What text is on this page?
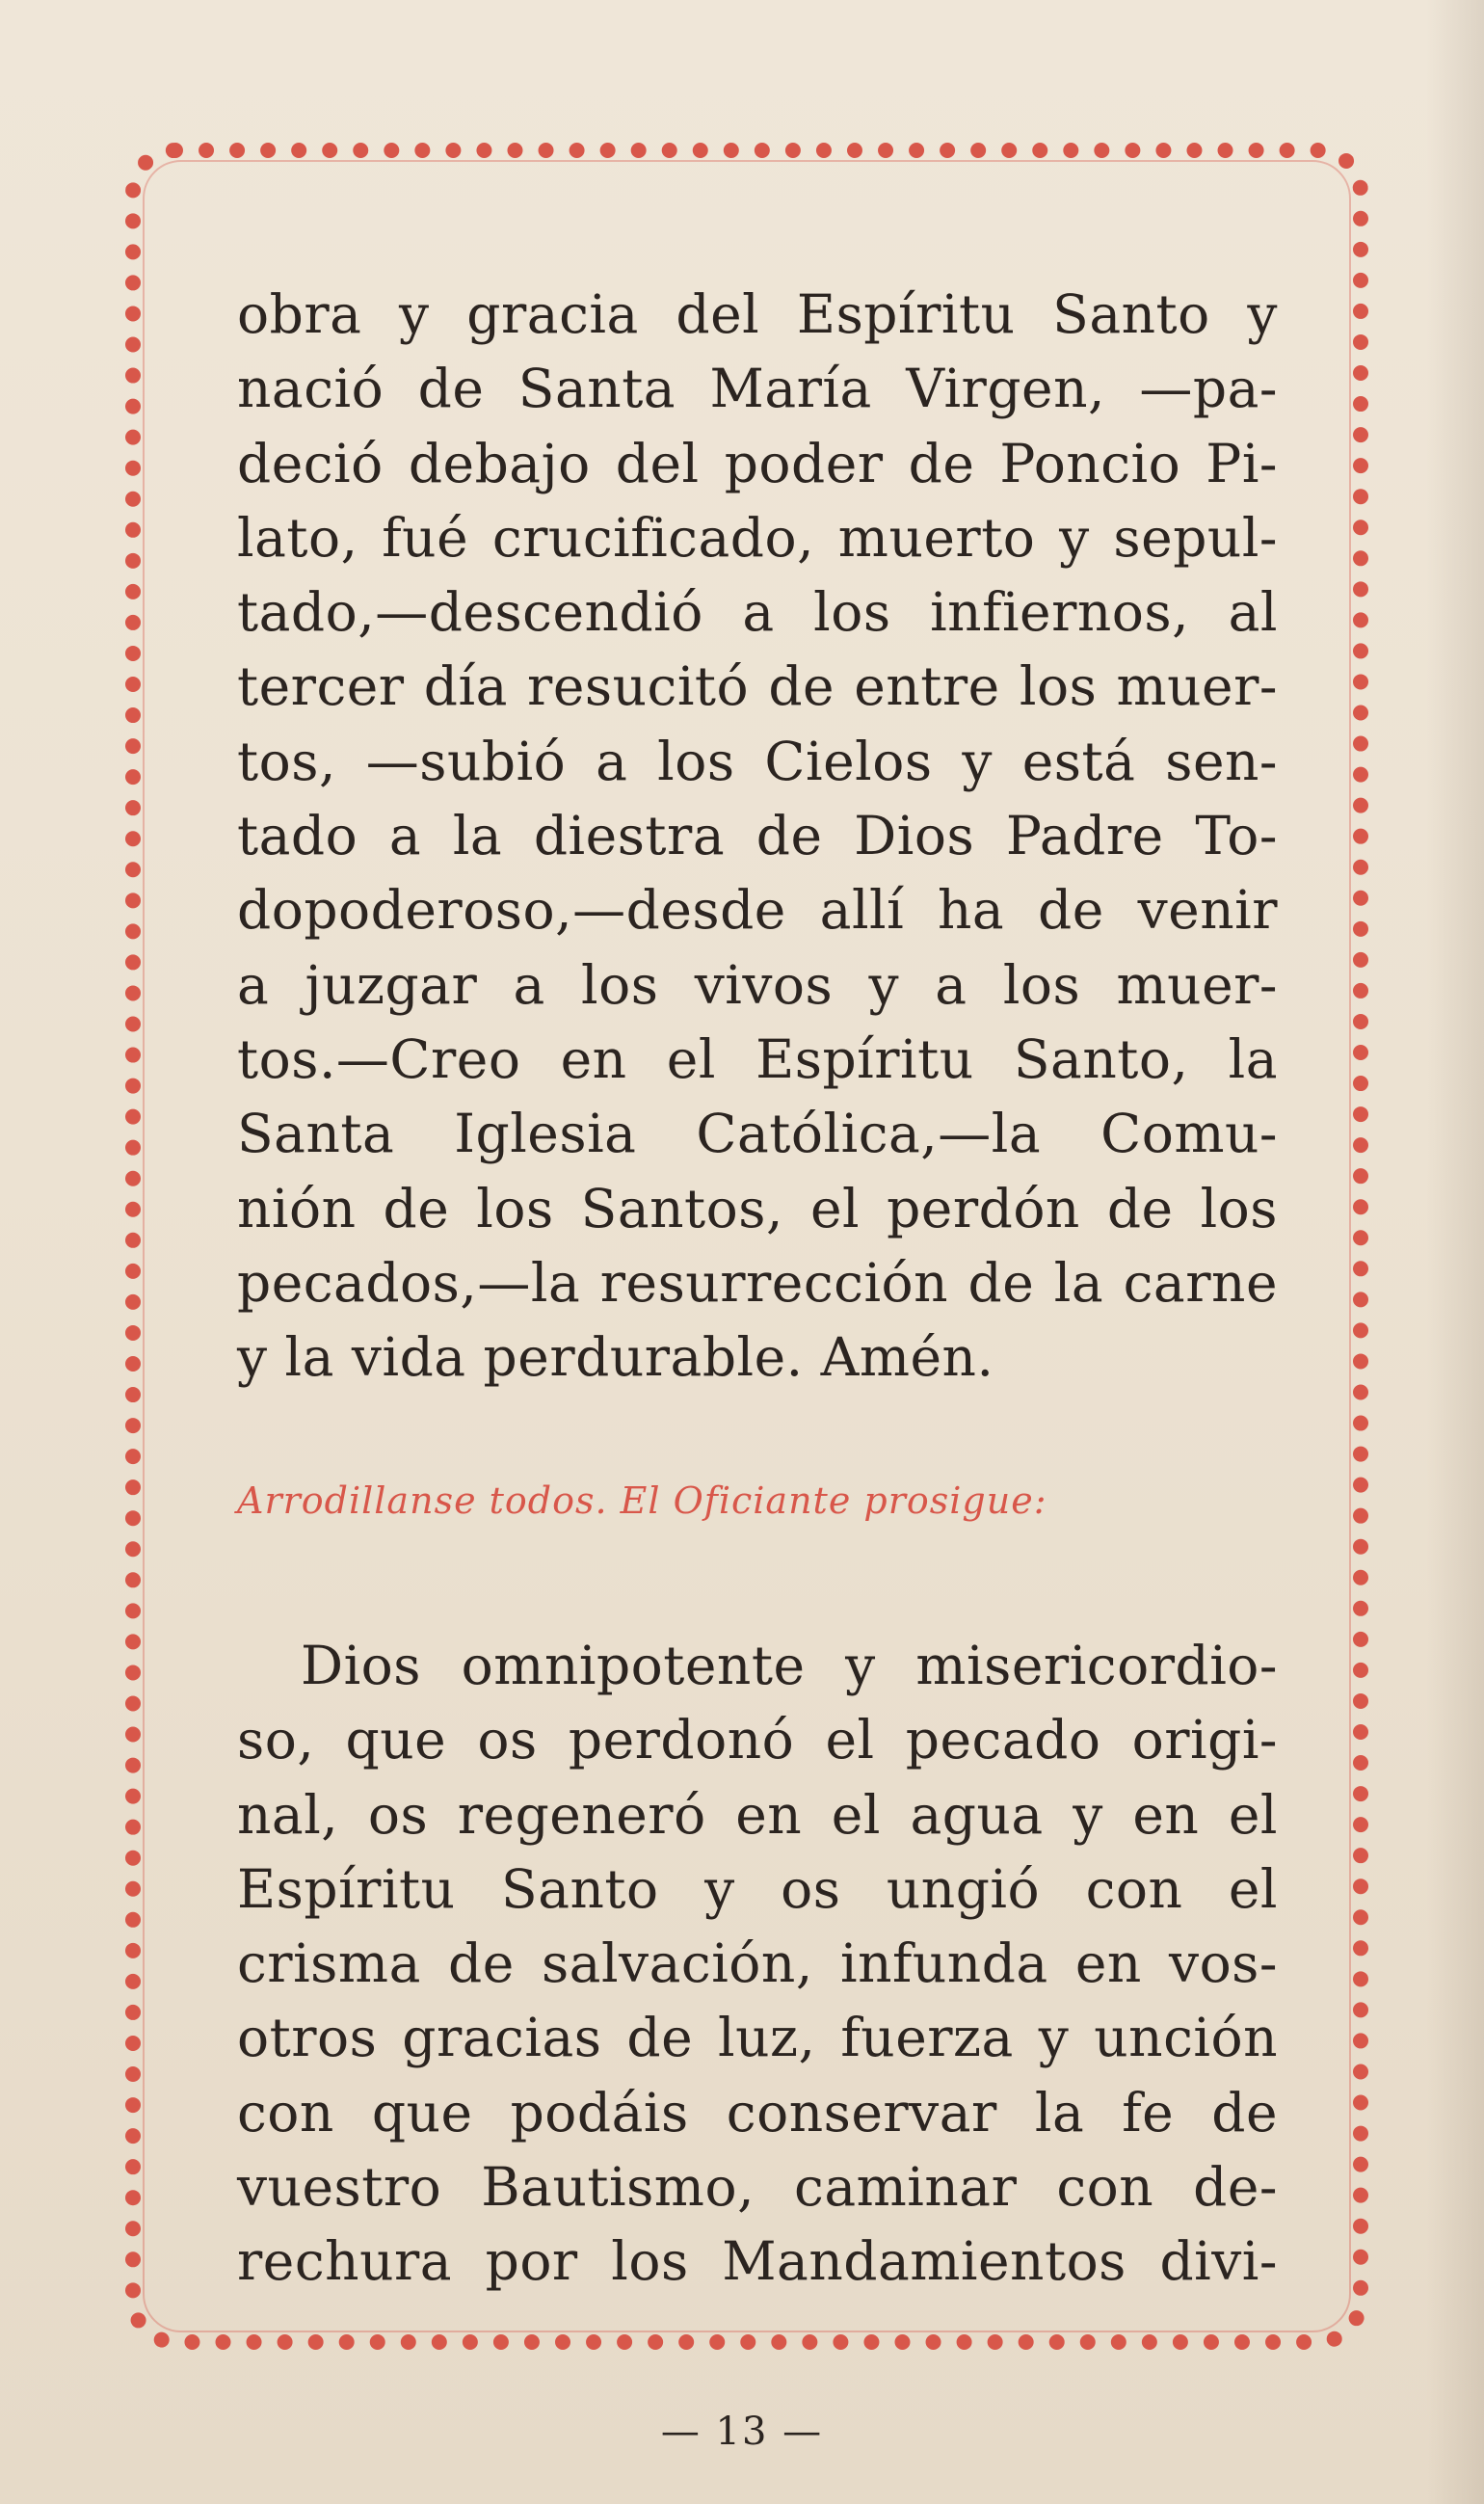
obra y gracia del Espíritu Santo y
nació de Santa María Virgen, —pa-
deció debajo del poder de Poncio Pi-
lato, fué crucificado, muerto y sepul-
tado,—descendió a los infiernos, al
tercer día resucitó de entre los muer-
tos, —subió a los Cielos y está sen-
tado a la diestra de Dios Padre To-
dopoderoso,—desde allí ha de venir
a juzgar a los vivos y a los muer-
tos.—Creo en el Espíritu Santo, la
Santa Iglesia Católica,—la Comu-
nión de los Santos, el perdón de los
pecados,—la resurrección de la carne
y la vida perdurable. Amén.
Arrodillanse todos. El Oficiante prosigue:
Dios omnipotente y misericordio-
so, que os perdonó el pecado origi-
nal, os regeneró en el agua y en el
Espíritu Santo y os ungió con el
crisma de salvación, infunda en vos-
otros gracias de luz, fuerza y unción
con que podáis conservar la fe de
vuestro Bautismo, caminar con de-
rechura por los Mandamientos divi-
— 13 —
